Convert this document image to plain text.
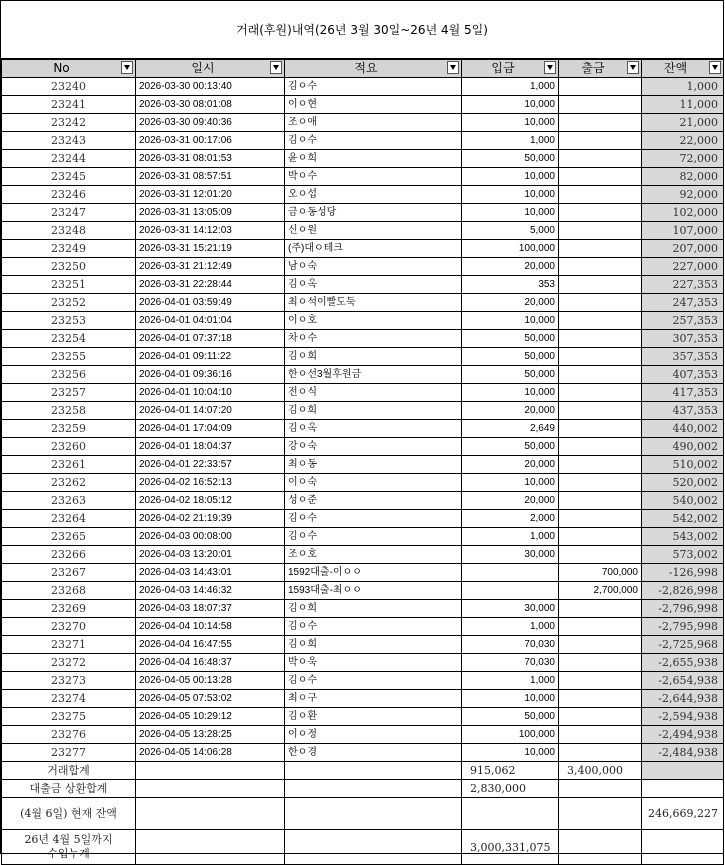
거래(후원)내역(26년 3월 30일~26년 4월 5일)
No	일시	적요	입금	출금	잔액

23240	2026-03-30 00:13:40	김ㅇ수	1,000		1,000
23241	2026-03-30 08:01:08	이ㅇ현	10,000		11,000
23242	2026-03-30 09:40:36	조ㅇ애	10,000		21,000
23243	2026-03-31 00:17:06	김ㅇ수	1,000		22,000
23244	2026-03-31 08:01:53	윤ㅇ희	50,000		72,000
23245	2026-03-31 08:57:51	박ㅇ수	10,000		82,000
23246	2026-03-31 12:01:20	오ㅇ섭	10,000		92,000
23247	2026-03-31 13:05:09	금ㅇ동성당	10,000		102,000
23248	2026-03-31 14:12:03	신ㅇ원	5,000		107,000
23249	2026-03-31 15:21:19	(주)대ㅇ테크	100,000		207,000
23250	2026-03-31 21:12:49	남ㅇ숙	20,000		227,000
23251	2026-03-31 22:28:44	김ㅇ옥	353		227,353
23252	2026-04-01 03:59:49	최ㅇ석이빨도둑	20,000		247,353
23253	2026-04-01 04:01:04	이ㅇ호	10,000		257,353
23254	2026-04-01 07:37:18	차ㅇ수	50,000		307,353
23255	2026-04-01 09:11:22	김ㅇ희	50,000		357,353
23256	2026-04-01 09:36:16	한ㅇ선3월후원금	50,000		407,353
23257	2026-04-01 10:04:10	전ㅇ식	10,000		417,353
23258	2026-04-01 14:07:20	김ㅇ희	20,000		437,353
23259	2026-04-01 17:04:09	김ㅇ옥	2,649		440,002
23260	2026-04-01 18:04:37	강ㅇ숙	50,000		490,002
23261	2026-04-01 22:33:57	최ㅇ동	20,000		510,002
23262	2026-04-02 16:52:13	이ㅇ숙	10,000		520,002
23263	2026-04-02 18:05:12	성ㅇ준	20,000		540,002
23264	2026-04-02 21:19:39	김ㅇ수	2,000		542,002
23265	2026-04-03 00:08:00	김ㅇ수	1,000		543,002
23266	2026-04-03 13:20:01	조ㅇ호	30,000		573,002
23267	2026-04-03 14:43:01	1592대출-이ㅇㅇ		700,000	-126,998
23268	2026-04-03 14:46:32	1593대출-최ㅇㅇ		2,700,000	-2,826,998
23269	2026-04-03 18:07:37	김ㅇ희	30,000		-2,796,998
23270	2026-04-04 10:14:58	김ㅇ수	1,000		-2,795,998
23271	2026-04-04 16:47:55	김ㅇ희	70,030		-2,725,968
23272	2026-04-04 16:48:37	박ㅇ욱	70,030		-2,655,938
23273	2026-04-05 00:13:28	김ㅇ수	1,000		-2,654,938
23274	2026-04-05 07:53:02	최ㅇ구	10,000		-2,644,938
23275	2026-04-05 10:29:12	김ㅇ환	50,000		-2,594,938
23276	2026-04-05 13:28:25	이ㅇ정	100,000		-2,494,938
23277	2026-04-05 14:06:28	한ㅇ경	10,000		-2,484,938
거래합계			915,062	3,400,000	
대출금 상환합계			2,830,000		
(4월 6일) 현재 잔액					246,669,227

26년 4월 5일까지
수입누계			3,000,331,075		
